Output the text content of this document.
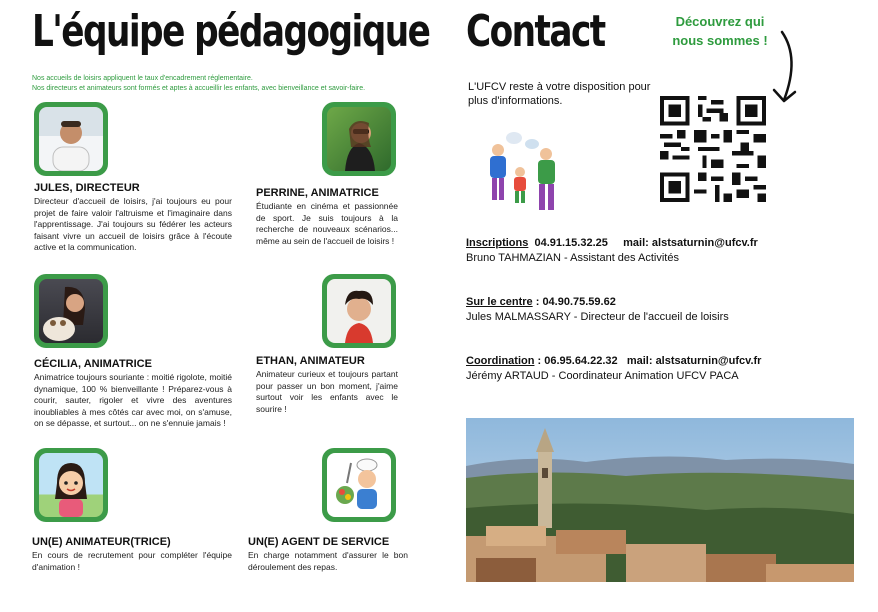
L'équipe pédagogique
Nos accueils de loisirs appliquent le taux d'encadrement réglementaire.
Nos directeurs et animateurs sont formés et aptes à accueillir les enfants, avec bienveillance et savoir-faire.
JULES, DIRECTEUR
Directeur d'accueil de loisirs, j'ai toujours eu pour projet de faire valoir l'altruisme et l'imaginaire dans l'apprentissage. J'ai toujours su fédérer les acteurs faisant vivre un accueil de loisirs grâce à l'écoute active et la communication.
PERRINE, ANIMATRICE
Étudiante en cinéma et passionnée de sport. Je suis toujours à la recherche de nouveaux scénarios... même au sein de l'accueil de loisirs !
CÉCILIA, ANIMATRICE
Animatrice toujours souriante : moitié rigolote, moitié dynamique, 100 % bienveillante ! Préparez-vous à courir, sauter, rigoler et vivre des aventures inoubliables à mes côtés car avec moi, on s'amuse, on se dépasse, et surtout... on ne s'ennuie jamais !
ETHAN, ANIMATEUR
Animateur curieux et toujours partant pour passer un bon moment, j'aime surtout voir les enfants avec le sourire !
UN(E) ANIMATEUR(TRICE)
En cours de recrutement pour compléter l'équipe d'animation !
UN(E) AGENT DE SERVICE
En charge notamment d'assurer le bon déroulement des repas.
Contact	Découvrez qui
nous sommes !
L'UFCV reste à votre disposition pour plus d'informations.
Inscriptions 04.91.15.32.25 mail: alstsaturnin@ufcv.fr
Bruno TAHMAZIAN - Assistant des Activités
Sur le centre : 04.90.75.59.62
Jules MALMASSARY - Directeur de l'accueil de loisirs
Coordination : 06.95.64.22.32 mail: alstsaturnin@ufcv.fr
Jérémy ARTAUD - Coordinateur Animation UFCV PACA
